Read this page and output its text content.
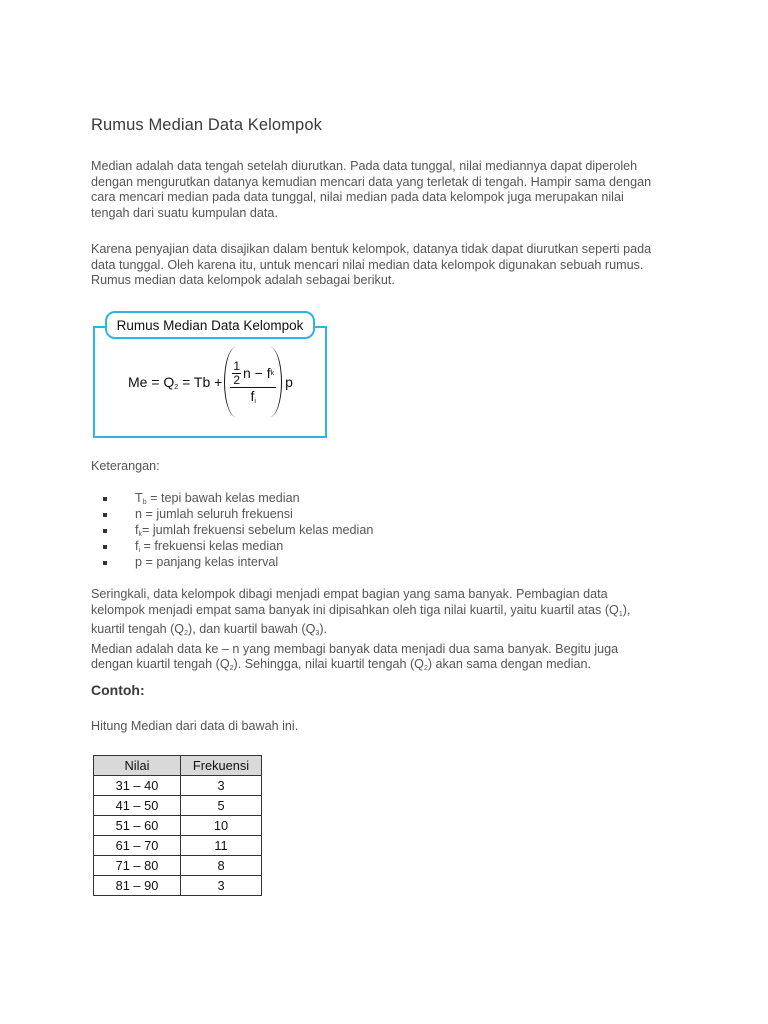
Rumus Median Data Kelompok

Median adalah data tengah setelah diurutkan. Pada data tunggal, nilai mediannya dapat diperoleh
dengan mengurutkan datanya kemudian mencari data yang terletak di tengah. Hampir sama dengan
cara mencari median pada data tunggal, nilai median pada data kelompok juga merupakan nilai
tengah dari suatu kumpulan data.

Karena penyajian data disajikan dalam bentuk kelompok, datanya tidak dapat diurutkan seperti pada
data tunggal. Oleh karena itu, untuk mencari nilai median data kelompok digunakan sebuah rumus.
Rumus median data kelompok adalah sebagai berikut.

Rumus Median Data Kelompok
$Me = Q_2 = Tb + \frac{\frac{1}{2} n - f k}{f_i}$ p

Keterangan:

$T_b$ = tepi bawah kelas median
n = jumlah seluruh frekuensi
$f_k=$ jumlah frekuensi sebelum kelas median
$f_i$ = frekuensi kelas median
p = panjang kelas interval

Seringkali, data kelompok dibagi menjadi empat bagian yang sama banyak. Pembagian data
kelompok menjadi empat sama banyak ini dipisahkan oleh tiga nilai kuartil, yaitu kuartil atas $(Q_1)$,
kuartil tengah $(Q_2)$, dan kuartil bawah $(Q_3)$.
Median adalah data ke – n yang membagi banyak data menjadi dua sama banyak. Begitu juga
dengan kuartil tengah $(Q_2)$. Sehingga, nilai kuartil tengah $(Q_2)$ akan sama dengan median.

Contoh:

Hitung Median dari data di bawah ini.

Nilai	Frekuensi
31 – 40	3
41 – 50	5
51 – 60	10
61 – 70	11
71 – 80	8
81 – 90	3
